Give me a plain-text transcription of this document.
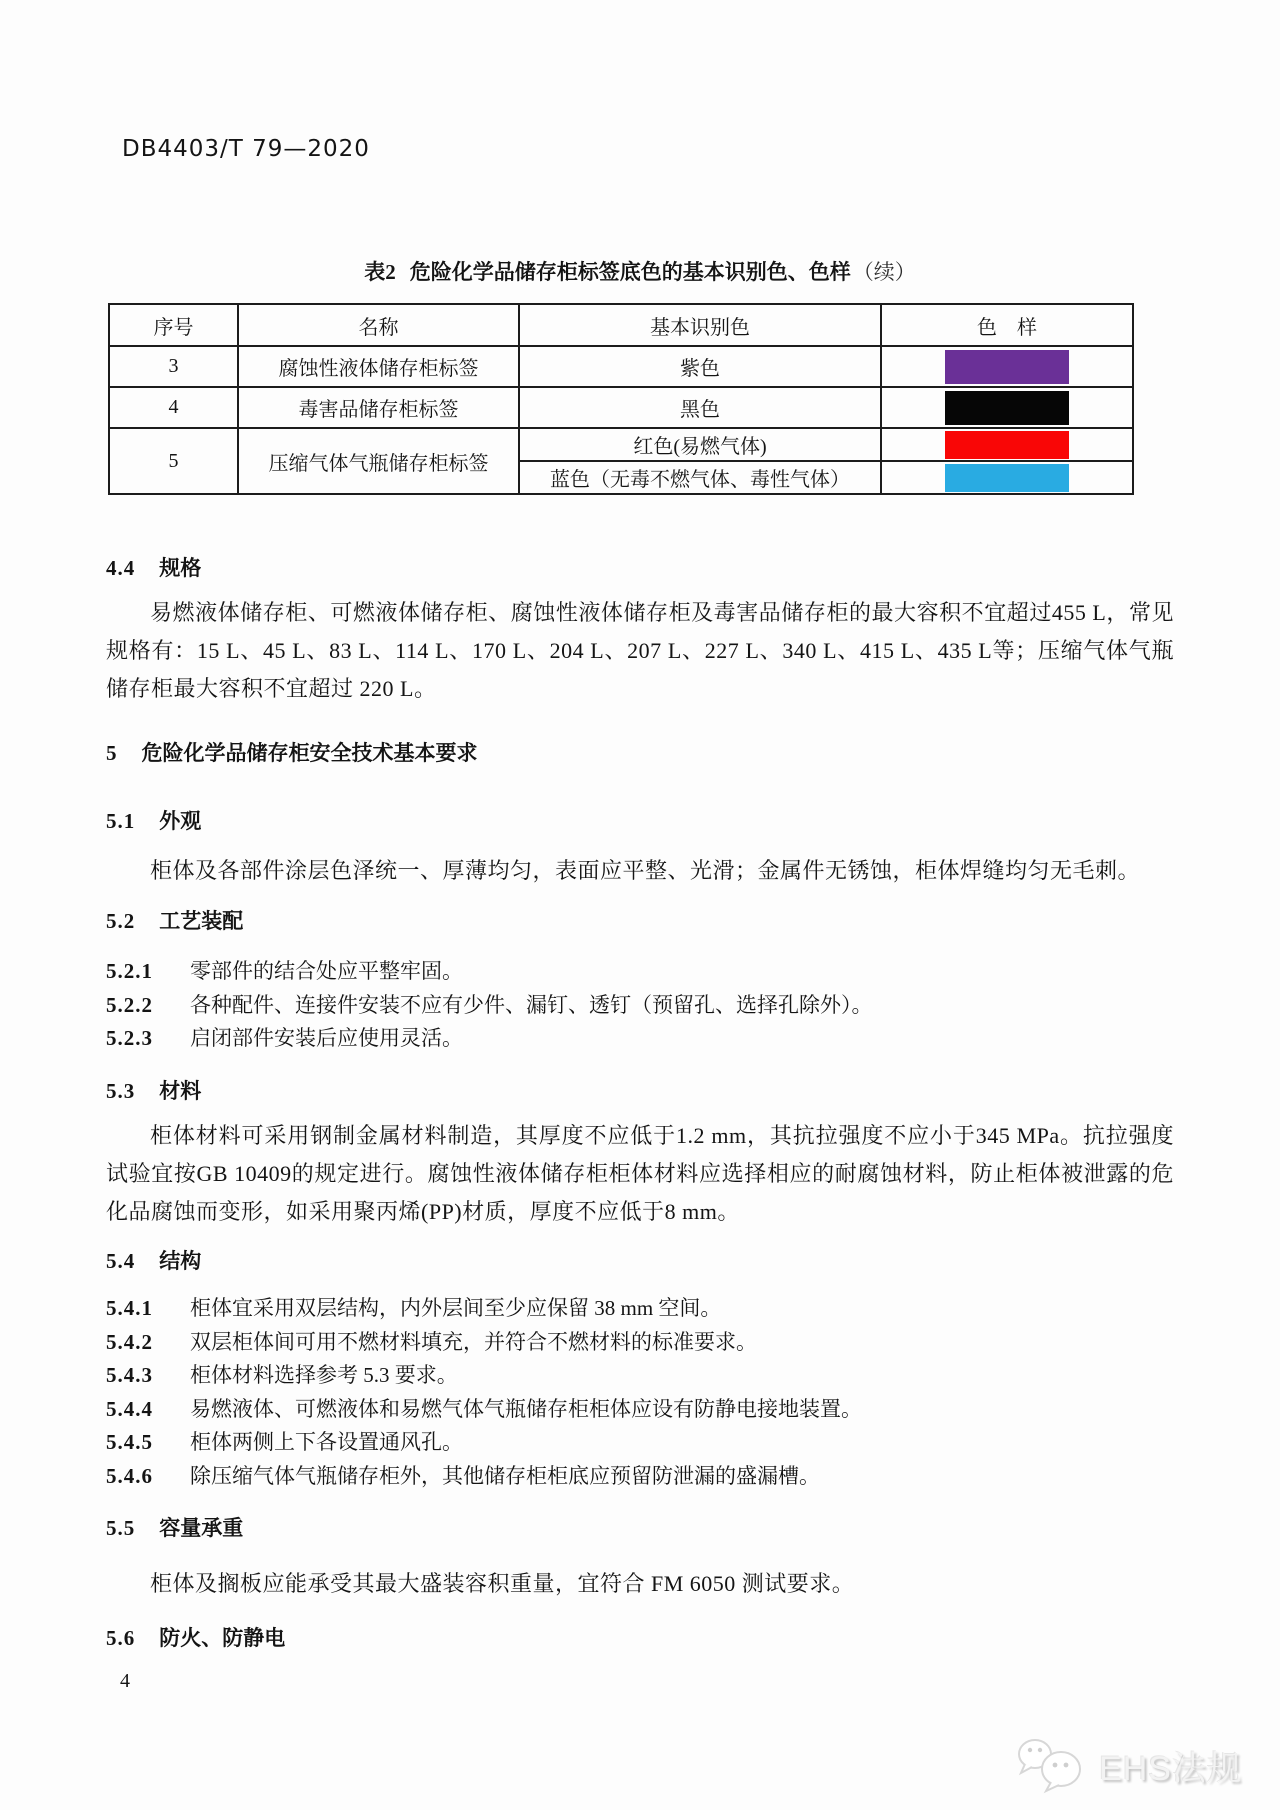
DB4403/T 79—2020
表2 危险化学品储存柜标签底色的基本识别色、色样（续）
序号	名称	基本识别色	色　样
3	腐蚀性液体储存柜标签	紫色	
4	毒害品储存柜标签	黑色	
5	压缩气体气瓶储存柜标签	红色(易燃气体)	
		蓝色（无毒不燃气体、毒性气体）	
4.4 规格
易燃液体储存柜、可燃液体储存柜、腐蚀性液体储存柜及毒害品储存柜的最大容积不宜超过455 L，常见规格有：15 L、45 L、83 L、114 L、170 L、204 L、207 L、227 L、340 L、415 L、435 L等；压缩气体气瓶储存柜最大容积不宜超过 220 L。
5 危险化学品储存柜安全技术基本要求
5.1 外观
柜体及各部件涂层色泽统一、厚薄均匀，表面应平整、光滑；金属件无锈蚀，柜体焊缝均匀无毛刺。
5.2 工艺装配
5.2.1	零部件的结合处应平整牢固。
5.2.2	各种配件、连接件安装不应有少件、漏钉、透钉（预留孔、选择孔除外）。
5.2.3	启闭部件安装后应使用灵活。
5.3 材料
柜体材料可采用钢制金属材料制造，其厚度不应低于1.2 mm，其抗拉强度不应小于345 MPa。抗拉强度试验宜按GB 10409的规定进行。腐蚀性液体储存柜柜体材料应选择相应的耐腐蚀材料，防止柜体被泄露的危化品腐蚀而变形，如采用聚丙烯(PP)材质，厚度不应低于8 mm。
5.4 结构
5.4.1	柜体宜采用双层结构，内外层间至少应保留 38 mm 空间。
5.4.2	双层柜体间可用不燃材料填充，并符合不燃材料的标准要求。
5.4.3	柜体材料选择参考 5.3 要求。
5.4.4	易燃液体、可燃液体和易燃气体气瓶储存柜柜体应设有防静电接地装置。
5.4.5	柜体两侧上下各设置通风孔。
5.4.6	除压缩气体气瓶储存柜外，其他储存柜柜底应预留防泄漏的盛漏槽。
5.5 容量承重
柜体及搁板应能承受其最大盛装容积重量，宜符合 FM 6050 测试要求。
5.6 防火、防静电
4
EHS法规
